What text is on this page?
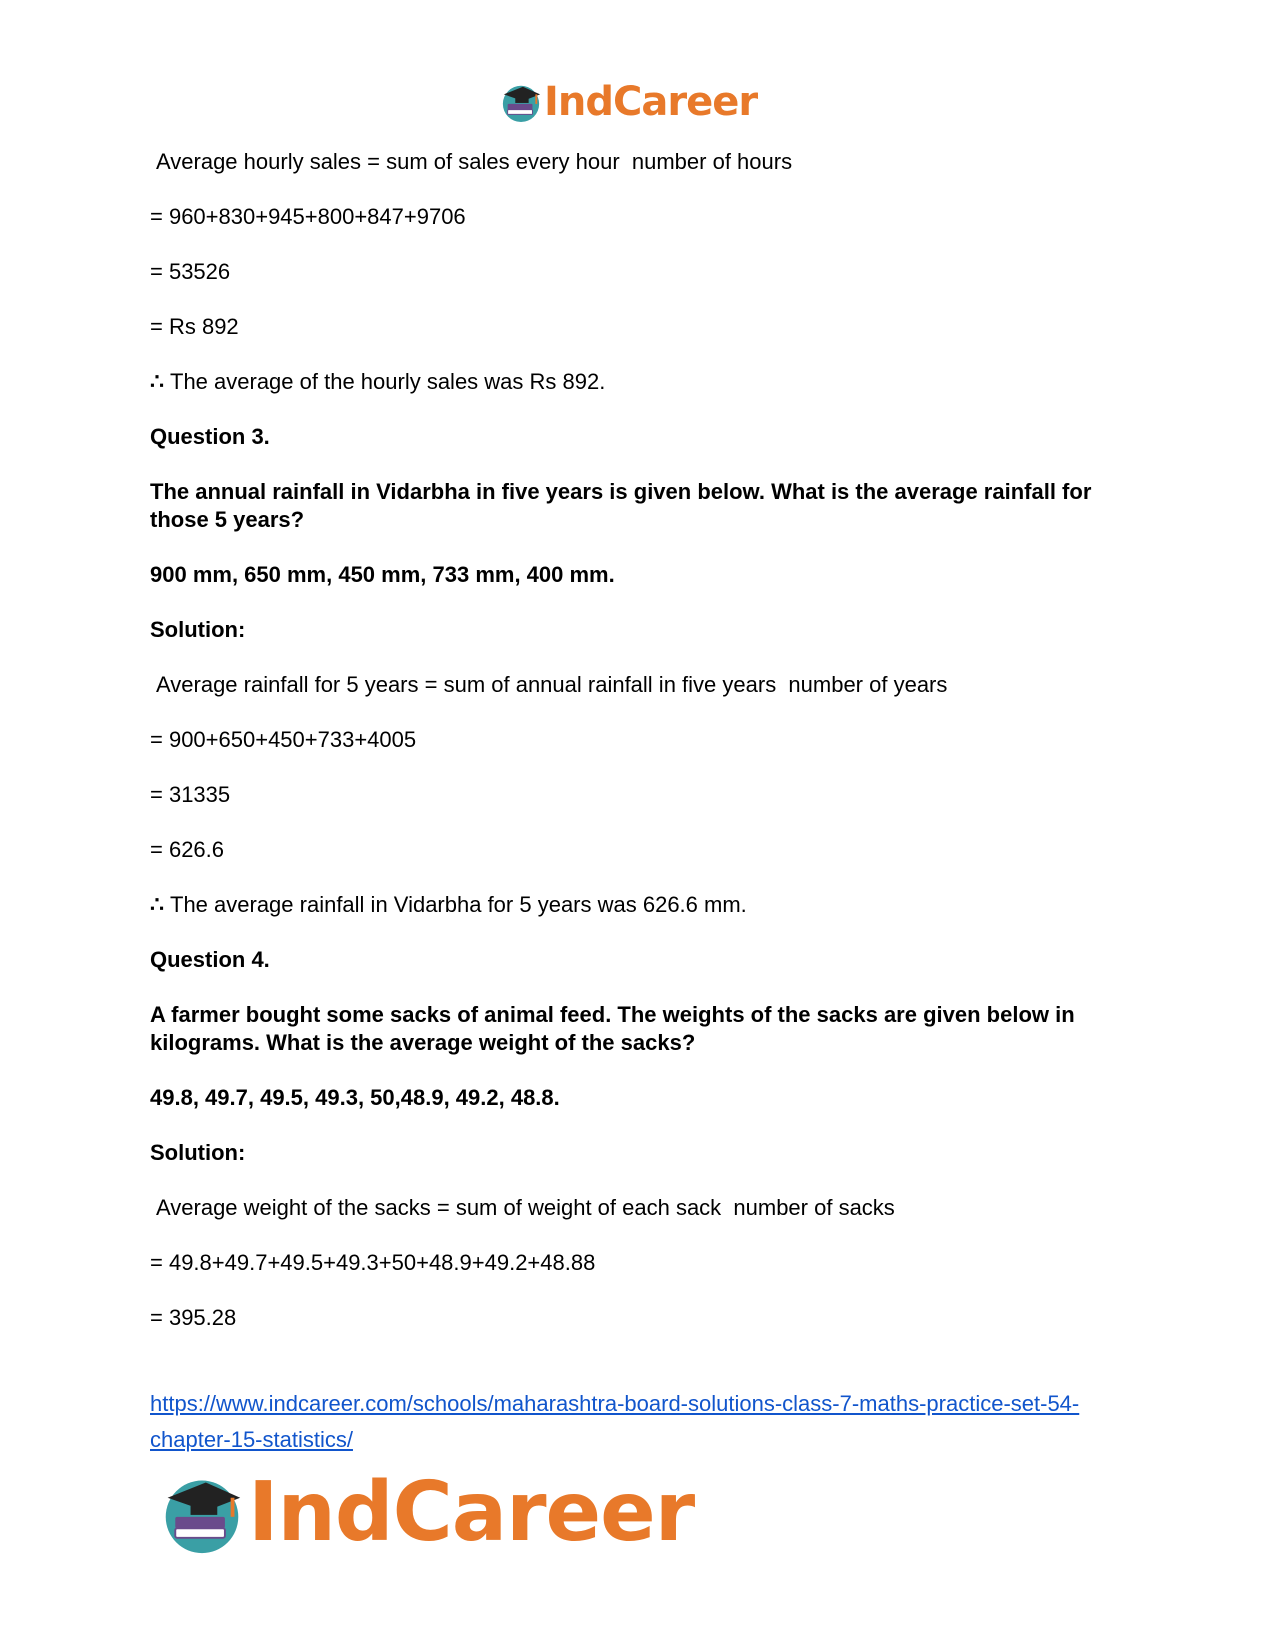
IndCareer

Average hourly sales = sum of sales every hour  number of hours

= 960+830+945+800+847+9706

= 53526

= Rs 892

∴ The average of the hourly sales was Rs 892.

Question 3.

The annual rainfall in Vidarbha in five years is given below. What is the average rainfall for those 5 years?

900 mm, 650 mm, 450 mm, 733 mm, 400 mm.

Solution:

Average rainfall for 5 years = sum of annual rainfall in five years  number of years

= 900+650+450+733+4005

= 31335

= 626.6

∴ The average rainfall in Vidarbha for 5 years was 626.6 mm.

Question 4.

A farmer bought some sacks of animal feed. The weights of the sacks are given below in kilograms. What is the average weight of the sacks?

49.8, 49.7, 49.5, 49.3, 50,48.9, 49.2, 48.8.

Solution:

Average weight of the sacks = sum of weight of each sack  number of sacks

= 49.8+49.7+49.5+49.3+50+48.9+49.2+48.88

= 395.28

https://www.indcareer.com/schools/maharashtra-board-solutions-class-7-maths-practice-set-54-chapter-15-statistics/
IndCareer
